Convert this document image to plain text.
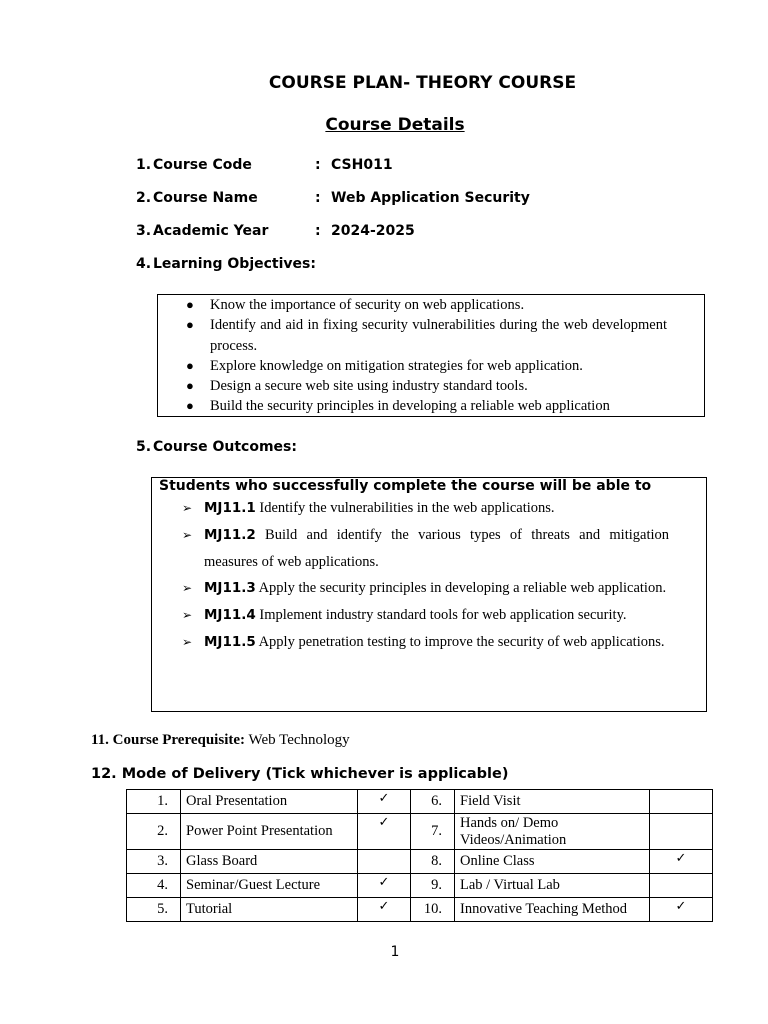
COURSE PLAN- THEORY COURSE
Course Details
1. Course Code	: CSH011
2. Course Name	: Web Application Security
3. Academic Year	: 2024-2025
4. Learning Objectives:
● Know the importance of security on web applications.
● Identify and aid in fixing security vulnerabilities during the web development process.
● Explore knowledge on mitigation strategies for web application.
● Design a secure web site using industry standard tools.
● Build the security principles in developing a reliable web application
5. Course Outcomes:
Students who successfully complete the course will be able to
➢ MJ11.1 Identify the vulnerabilities in the web applications.
➢ MJ11.2 Build and identify the various types of threats and mitigation measures of web applications.
➢ MJ11.3 Apply the security principles in developing a reliable web application.
➢ MJ11.4 Implement industry standard tools for web application security.
➢ MJ11.5 Apply penetration testing to improve the security of web applications.
11. Course Prerequisite: Web Technology
12. Mode of Delivery (Tick whichever is applicable)
1.	Oral Presentation	✓	6.	Field Visit	
2.	Power Point Presentation	✓	7.	Hands on/ Demo Videos/Animation	
3.	Glass Board		8.	Online Class	✓
4.	Seminar/Guest Lecture	✓	9.	Lab / Virtual Lab	
5.	Tutorial	✓	10.	Innovative Teaching Method	✓
1
